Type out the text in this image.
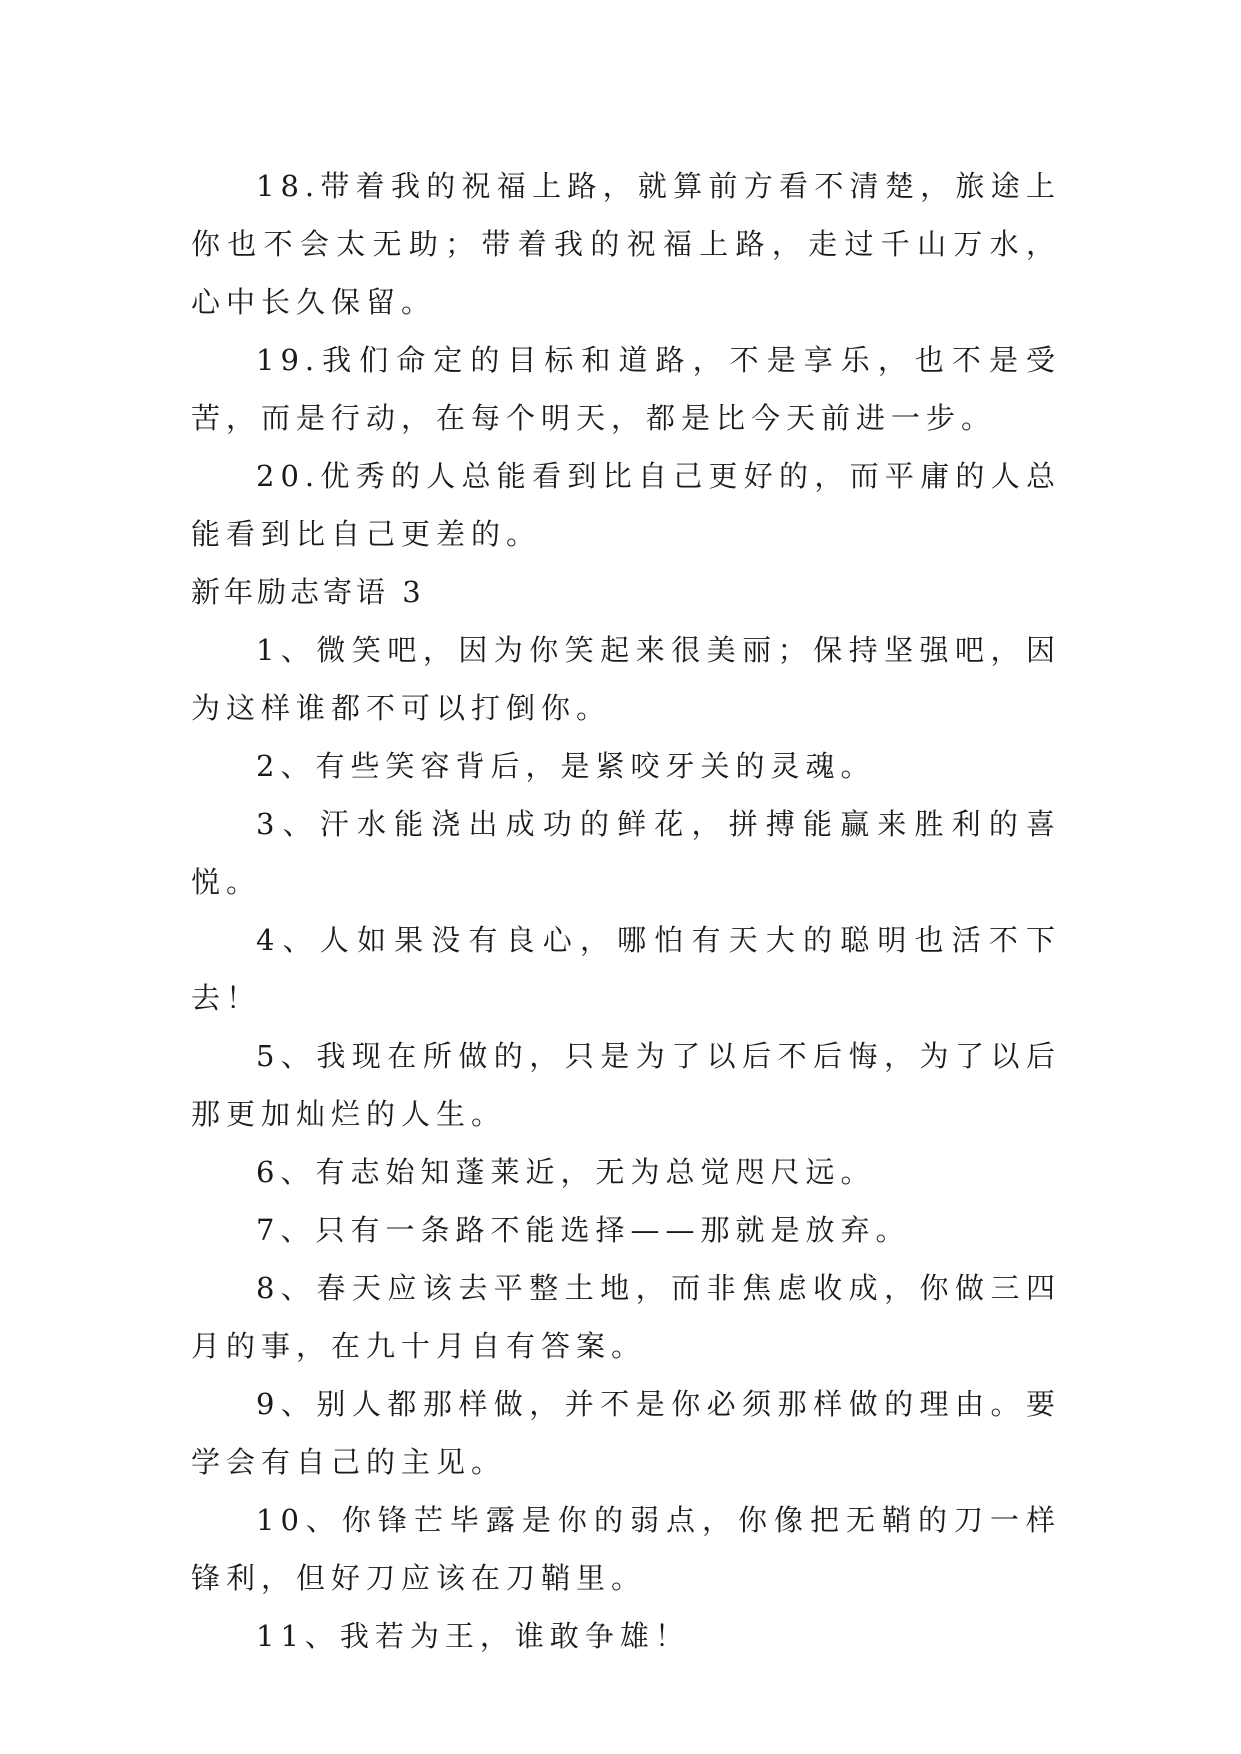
18.带着我的祝福上路，就算前方看不清楚，旅途上你也不会太无助；带着我的祝福上路，走过千山万水，心中长久保留。

19.我们命定的目标和道路，不是享乐，也不是受苦，而是行动，在每个明天，都是比今天前进一步。

20.优秀的人总能看到比自己更好的，而平庸的人总能看到比自己更差的。

新年励志寄语 3

1、微笑吧，因为你笑起来很美丽；保持坚强吧，因为这样谁都不可以打倒你。

2、有些笑容背后，是紧咬牙关的灵魂。

3、汗水能浇出成功的鲜花，拼搏能赢来胜利的喜悦。

4、人如果没有良心，哪怕有天大的聪明也活不下去！

5、我现在所做的，只是为了以后不后悔，为了以后那更加灿烂的人生。

6、有志始知蓬莱近，无为总觉咫尺远。

7、只有一条路不能选择——那就是放弃。

8、春天应该去平整土地，而非焦虑收成，你做三四月的事，在九十月自有答案。

9、别人都那样做，并不是你必须那样做的理由。要学会有自己的主见。

10、你锋芒毕露是你的弱点，你像把无鞘的刀一样锋利，但好刀应该在刀鞘里。

11、我若为王，谁敢争雄！
